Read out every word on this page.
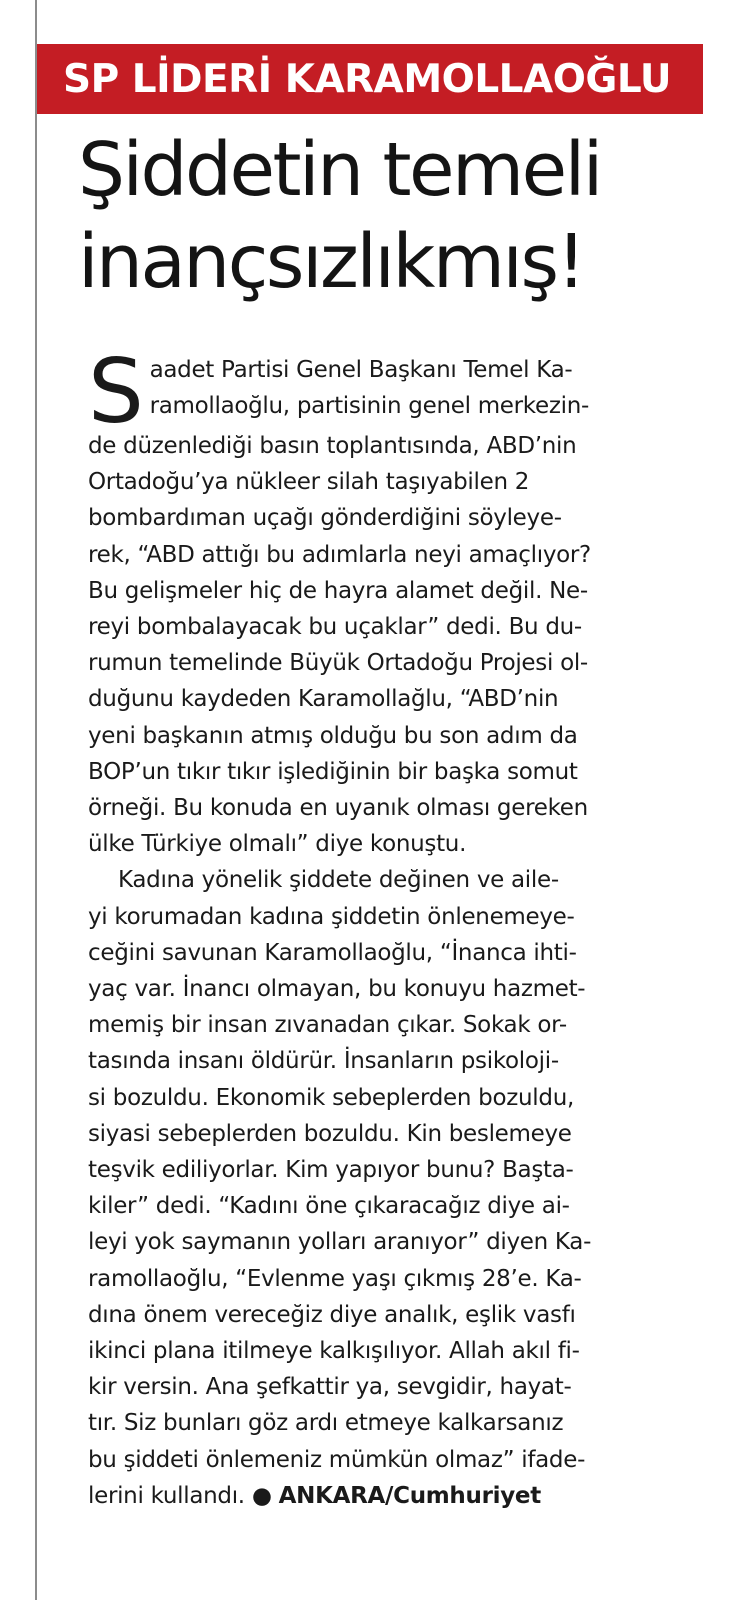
SP LİDERİ KARAMOLLAOĞLU
Şiddetin temeli
inançsızlıkmış!
S aadet Partisi Genel Başkanı Temel Ka-
ramollaoğlu, partisinin genel merkezin-
de düzenlediği basın toplantısında, ABD’nin
Ortadoğu’ya nükleer silah taşıyabilen 2
bombardıman uçağı gönderdiğini söyleye-
rek, “ABD attığı bu adımlarla neyi amaçlıyor?
Bu gelişmeler hiç de hayra alamet değil. Ne-
reyi bombalayacak bu uçaklar” dedi. Bu du-
rumun temelinde Büyük Ortadoğu Projesi ol-
duğunu kaydeden Karamollağlu, “ABD’nin
yeni başkanın atmış olduğu bu son adım da
BOP’un tıkır tıkır işlediğinin bir başka somut
örneği. Bu konuda en uyanık olması gereken
ülke Türkiye olmalı” diye konuştu.
Kadına yönelik şiddete değinen ve aile-
yi korumadan kadına şiddetin önlenemeye-
ceğini savunan Karamollaoğlu, “İnanca ihti-
yaç var. İnancı olmayan, bu konuyu hazmet-
memiş bir insan zıvanadan çıkar. Sokak or-
tasında insanı öldürür. İnsanların psikoloji-
si bozuldu. Ekonomik sebeplerden bozuldu,
siyasi sebeplerden bozuldu. Kin beslemeye
teşvik ediliyorlar. Kim yapıyor bunu? Başta-
kiler” dedi. “Kadını öne çıkaracağız diye ai-
leyi yok saymanın yolları aranıyor” diyen Ka-
ramollaoğlu, “Evlenme yaşı çıkmış 28’e. Ka-
dına önem vereceğiz diye analık, eşlik vasfı
ikinci plana itilmeye kalkışılıyor. Allah akıl fi-
kir versin. Ana şefkattir ya, sevgidir, hayat-
tır. Siz bunları göz ardı etmeye kalkarsanız
bu şiddeti önlemeniz mümkün olmaz” ifade-
lerini kullandı. ● ANKARA/Cumhuriyet
